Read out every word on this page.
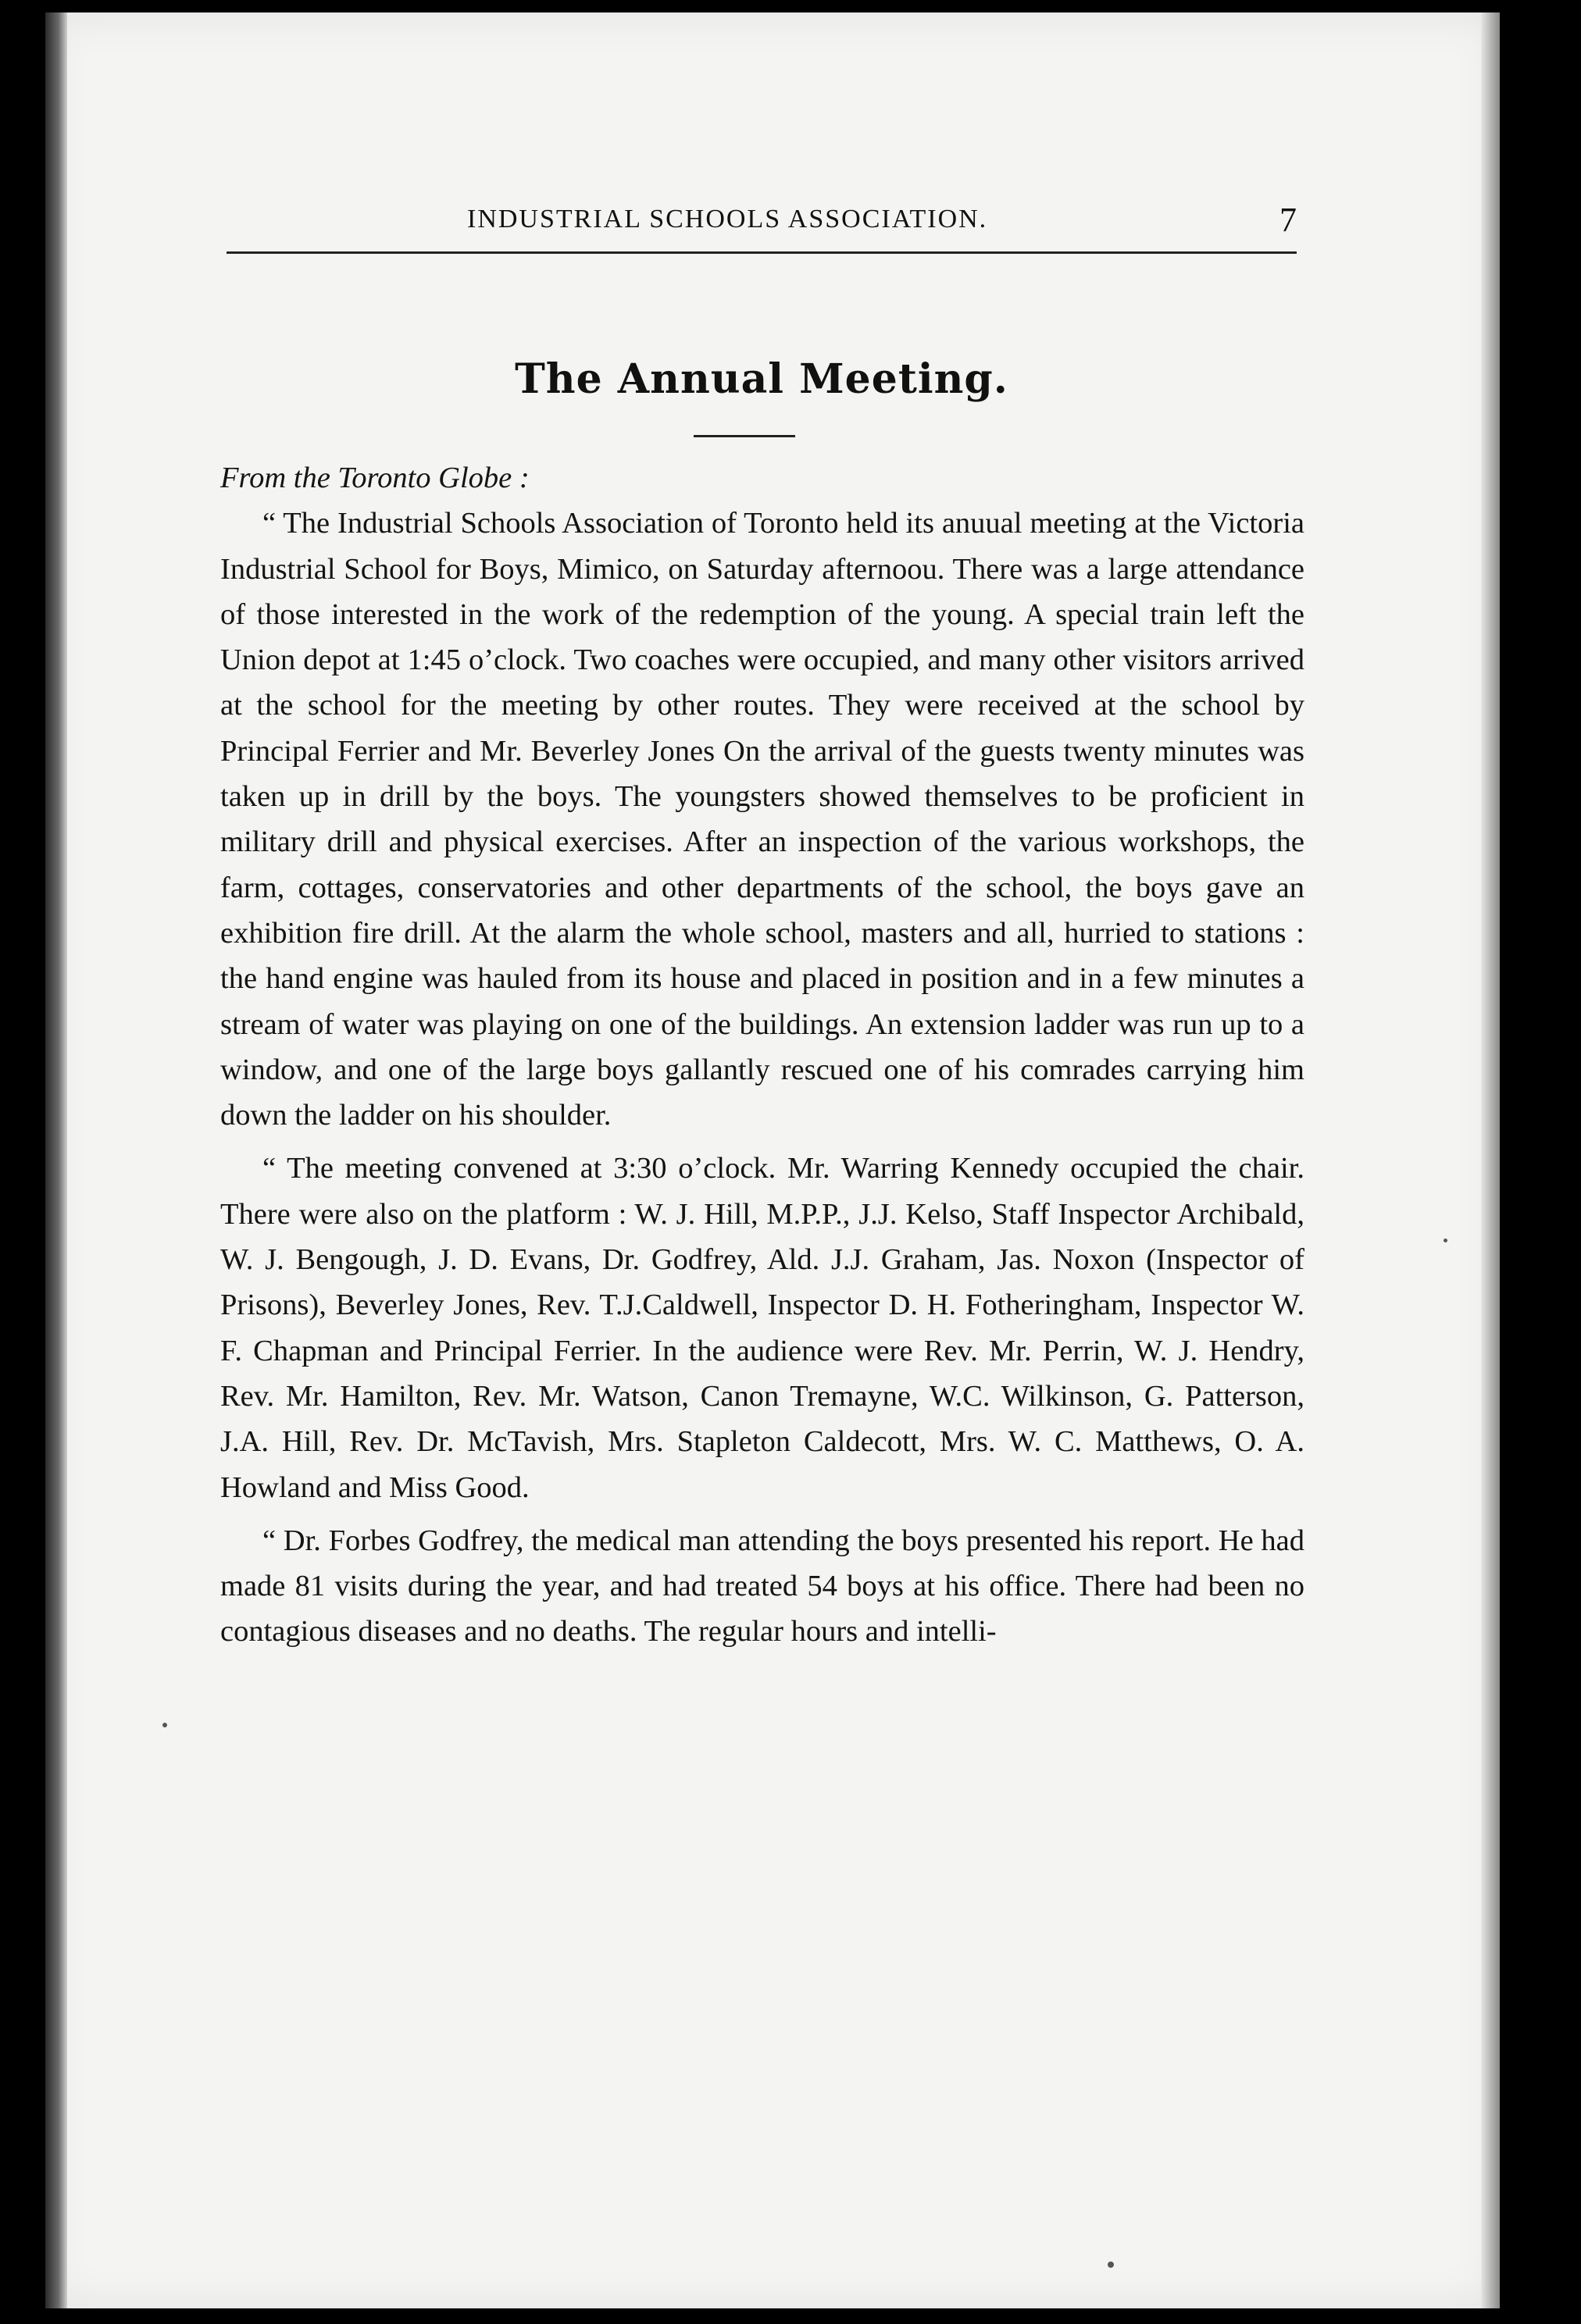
INDUSTRIAL SCHOOLS ASSOCIATION.	7
The Annual Meeting.

From the Toronto Globe :

“ The Industrial Schools Association of Toronto held its anuual meeting at the Victoria Industrial School for Boys, Mimico, on Saturday afternoou. There was a large attendance of those interested in the work of the redemption of the young. A special train left the Union depot at 1:45 o’clock. Two coaches were occupied, and many other visitors arrived at the school for the meeting by other routes. They were received at the school by Principal Ferrier and Mr. Beverley Jones On the arrival of the guests twenty minutes was taken up in drill by the boys. The youngsters showed themselves to be proficient in military drill and physical exercises. After an inspection of the various workshops, the farm, cottages, conservatories and other departments of the school, the boys gave an exhibition fire drill. At the alarm the whole school, masters and all, hurried to stations : the hand engine was hauled from its house and placed in position and in a few minutes a stream of water was playing on one of the buildings. An extension ladder was run up to a window, and one of the large boys gallantly rescued one of his comrades carrying him down the ladder on his shoulder.

“ The meeting convened at 3:30 o’clock. Mr. Warring Kennedy occupied the chair. There were also on the platform : W. J. Hill, M.P.P., J.J. Kelso, Staff Inspector Archibald, W. J. Bengough, J. D. Evans, Dr. Godfrey, Ald. J.J. Graham, Jas. Noxon (Inspector of Prisons), Beverley Jones, Rev. T.J.Caldwell, Inspector D. H. Fotheringham, Inspector W. F. Chapman and Principal Ferrier. In the audience were Rev. Mr. Perrin, W. J. Hendry, Rev. Mr. Hamilton, Rev. Mr. Watson, Canon Tremayne, W.C. Wilkinson, G. Patterson, J.A. Hill, Rev. Dr. McTavish, Mrs. Stapleton Caldecott, Mrs. W. C. Matthews, O. A. Howland and Miss Good.

“ Dr. Forbes Godfrey, the medical man attending the boys presented his report. He had made 81 visits during the year, and had treated 54 boys at his office. There had been no contagious diseases and no deaths. The regular hours and intelli-
